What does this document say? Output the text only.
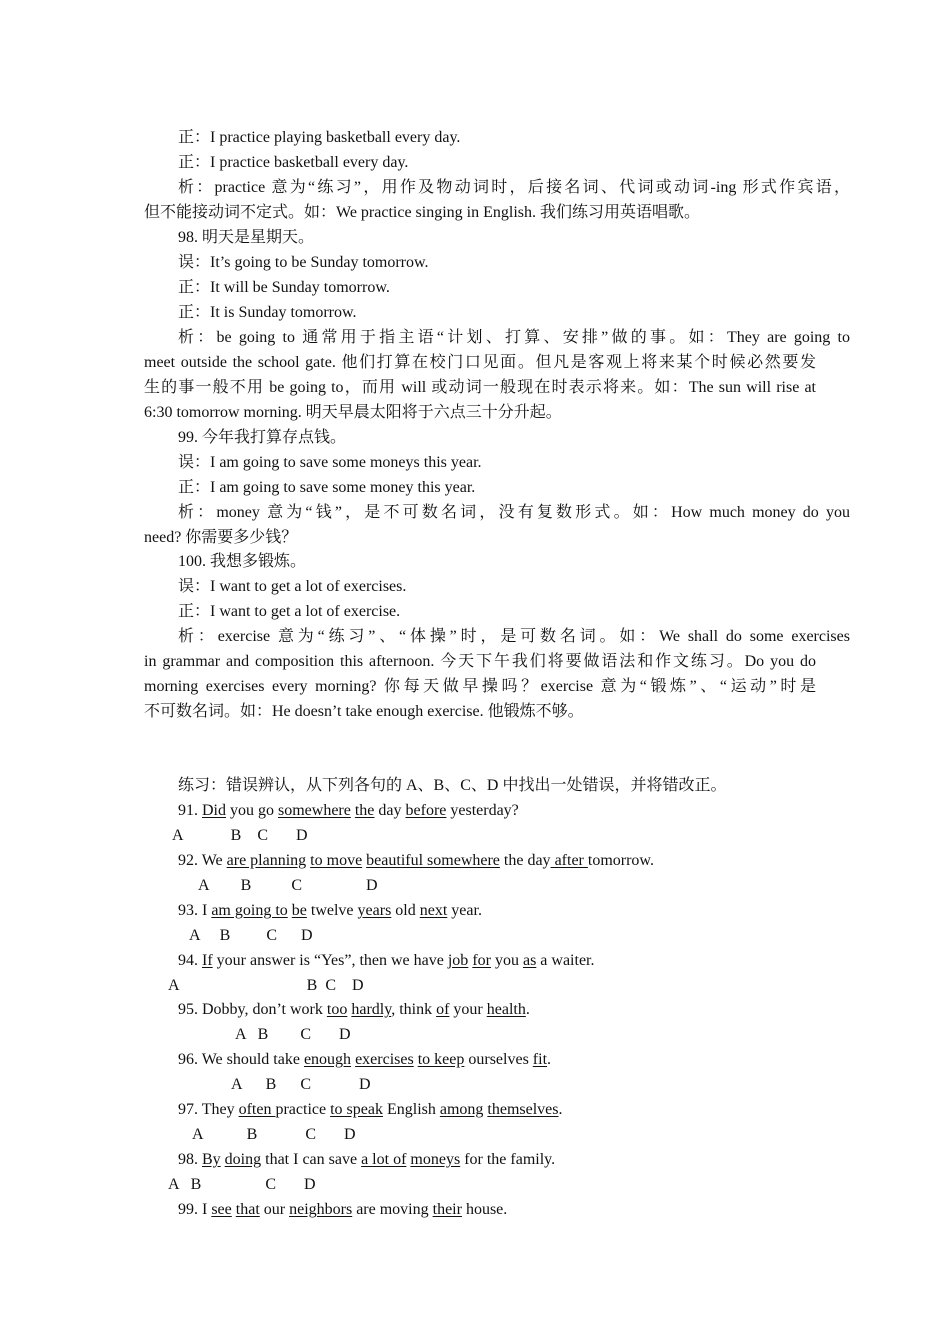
正：I practice playing basketball every day.
正：I practice basketball every day.
析：practice 意为“练习”，用作及物动词时，后接名词、代词或动词-ing 形式作宾语，
但不能接动词不定式。如：We practice singing in English. 我们练习用英语唱歌。
98. 明天是星期天。
误：It’s going to be Sunday tomorrow.
正：It will be Sunday tomorrow.
正：It is Sunday tomorrow.
析：be going to 通常用于指主语“计划、打算、安排”做的事。如：They are going to
meet outside the school gate. 他们打算在校门口见面。但凡是客观上将来某个时候必然要发
生的事一般不用 be going to，而用 will 或动词一般现在时表示将来。如：The sun will rise at
6:30 tomorrow morning. 明天早晨太阳将于六点三十分升起。
99. 今年我打算存点钱。
误：I am going to save some moneys this year.
正：I am going to save some money this year.
析：money 意为“钱”，是不可数名词，没有复数形式。如：How much money do you
need? 你需要多少钱？
100. 我想多锻炼。
误：I want to get a lot of exercises.
正：I want to get a lot of exercise.
析：exercise 意为“练习”、“体操”时，是可数名词。如：We shall do some exercises
in grammar and composition this afternoon. 今天下午我们将要做语法和作文练习。Do you do
morning exercises every morning? 你每天做早操吗？exercise 意为“锻炼”、“运动”时是
不可数名词。如：He doesn’t take enough exercise. 他锻炼不够。
练习：错误辨认，从下列各句的 A、B、C、D 中找出一处错误，并将错改正。
91. Did you go somewhere the day before yesterday?
A            B    C       D
92. We are planning to move beautiful somewhere the day after tomorrow.
A        B          C                D
93. I am going to be twelve years old next year.
A     B         C      D
94. If your answer is “Yes”, then we have job for you as a waiter.
A                                B  C    D
95. Dobby, don’t work too hardly, think of your health.
A   B        C       D
96. We should take enough exercises to keep ourselves fit.
A      B      C            D
97. They often practice to speak English among themselves.
A           B            C       D
98. By doing that I can save a lot of moneys for the family.
A   B                C       D
99. I see that our neighbors are moving their house.
